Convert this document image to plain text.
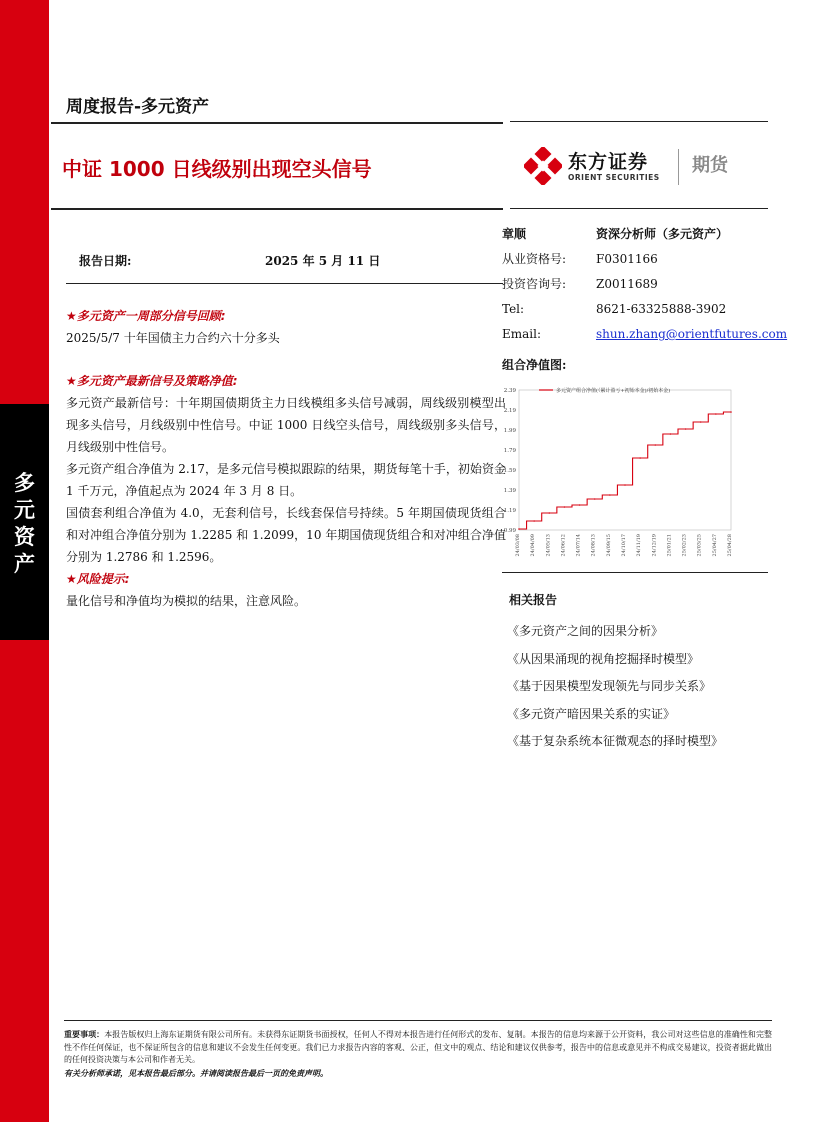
多
元
资
产
周度报告-多元资产
中证 1000 日线级别出现空头信号	东方证券
ORIENT SECURITIES
期货
报告日期:	2025 年 5 月 11 日
★多元资产一周部分信号回顾:
2025/5/7 十年国债主力合约六十分多头
★多元资产最新信号及策略净值:
多元资产最新信号：十年期国债期货主力日线模组多头信号减弱，周线级别模型出现多头信号，月线级别中性信号。中证 1000 日线空头信号，周线级别多头信号，月线级别中性信号。
多元资产组合净值为 2.17，是多元信号模拟跟踪的结果，期货每笔十手，初始资金 1 千万元，净值起点为 2024 年 3 月 8 日。
国债套利组合净值为 4.0，无套利信号，长线套保信号持续。5 年期国债现货组合和对冲组合净值分别为 1.2285 和 1.2099，10 年期国债现货组合和对冲组合净值分别为 1.2786 和 1.2596。
★风险提示:
量化信号和净值均为模拟的结果，注意风险。
章顺	资深分析师（多元资产）
从业资格号: F0301166
投资咨询号: Z0011689
Tel:	8621-63325888-3902
Email:	shun.zhang@orientfutures.com
组合净值图:
2.39
2.19
1.99
1.79
1.59
1.39
1.19
0.99
24/03/08 24/04/09 24/05/13 24/06/12 24/07/14 24/08/13 24/09/15 24/10/17 24/11/19 24/12/19 25/01/21 25/02/23 25/03/25 25/04/27 25/04/28
多元资产组合净值(（累计盈亏+初始本金)/初始本金)
相关报告
《多元资产之间的因果分析》
《从因果涌现的视角挖掘择时模型》
《基于因果模型发现领先与同步关系》
《多元资产暗因果关系的实证》
《基于复杂系统本征微观态的择时模型》
重要事项：本报告版权归上海东证期货有限公司所有。未获得东证期货书面授权，任何人不得对本报告进行任何形式的发布、复制。本报告的信息均来源于公开资料，我公司对这些信息的准确性和完整性不作任何保证，也不保证所包含的信息和建议不会发生任何变更。我们已力求报告内容的客观、公正，但文中的观点、结论和建议仅供参考，报告中的信息或意见并不构成交易建议，投资者据此做出的任何投资决策与本公司和作者无关。
有关分析师承诺，见本报告最后部分。并请阅读报告最后一页的免责声明。
